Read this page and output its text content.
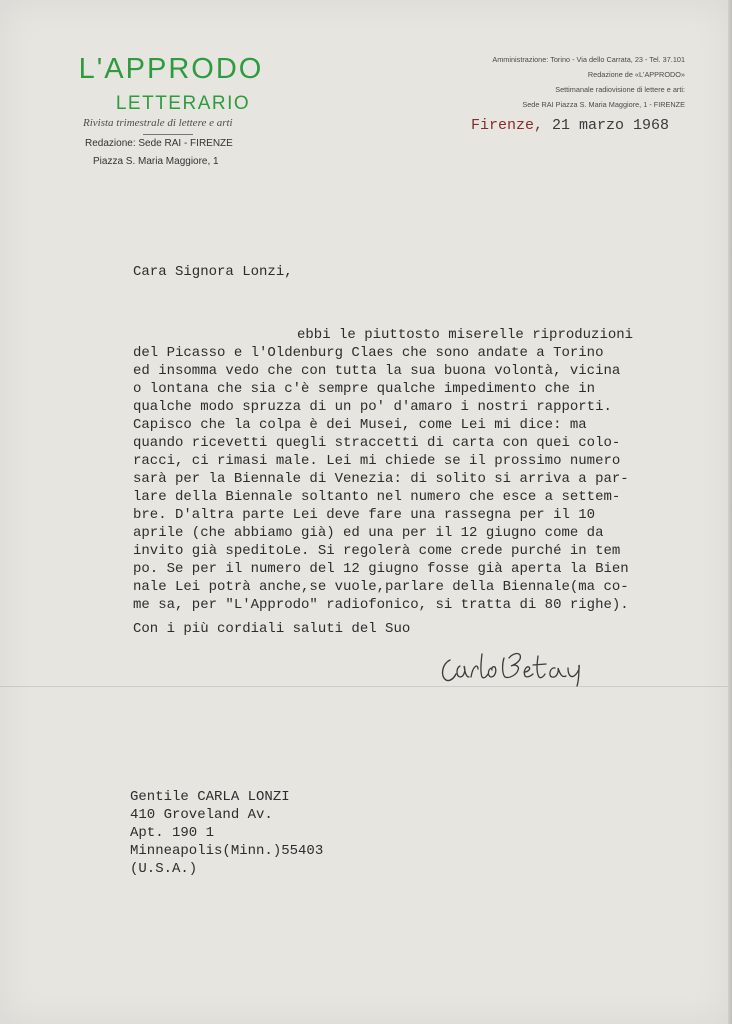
L'APPRODO
LETTERARIO
Rivista trimestrale di lettere e arti
Redazione: Sede RAI - FIRENZE
Piazza S. Maria Maggiore, 1
Amministrazione: Torino - Via dello Carrata, 23 - Tel. 37.101
Redazione de «L'APPRODO»
Settimanale radiovisione di lettere e arti:
Sede RAI Piazza S. Maria Maggiore, 1 - FIRENZE
Firenze, 21 marzo 1968
Cara Signora Lonzi,
ebbi le piuttosto miserelle riproduzioni
del Picasso e l'Oldenburg Claes che sono andate a Torino
ed insomma vedo che con tutta la sua buona volontà, vicina
o lontana che sia c'è sempre qualche impedimento che in
qualche modo spruzza di un po' d'amaro i nostri rapporti.
Capisco che la colpa è dei Musei, come Lei mi dice: ma
quando ricevetti quegli straccetti di carta con quei colo-
racci, ci rimasi male. Lei mi chiede se il prossimo numero
sarà per la Biennale di Venezia: di solito si arriva a par-
lare della Biennale soltanto nel numero che esce a settem-
bre. D'altra parte Lei deve fare una rassegna per il 10
aprile (che abbiamo già) ed una per il 12 giugno come da
invito già speditoLe. Si regolerà come crede purché in tem
po. Se per il numero del 12 giugno fosse già aperta la Bien
nale Lei potrà anche,se vuole,parlare della Biennale(ma co-
me sa, per "L'Approdo" radiofonico, si tratta di 80 righe).
Con i più cordiali saluti del Suo
Gentile CARLA LONZI
410 Groveland Av.
Apt. 190 1
Minneapolis(Minn.)55403
(U.S.A.)
